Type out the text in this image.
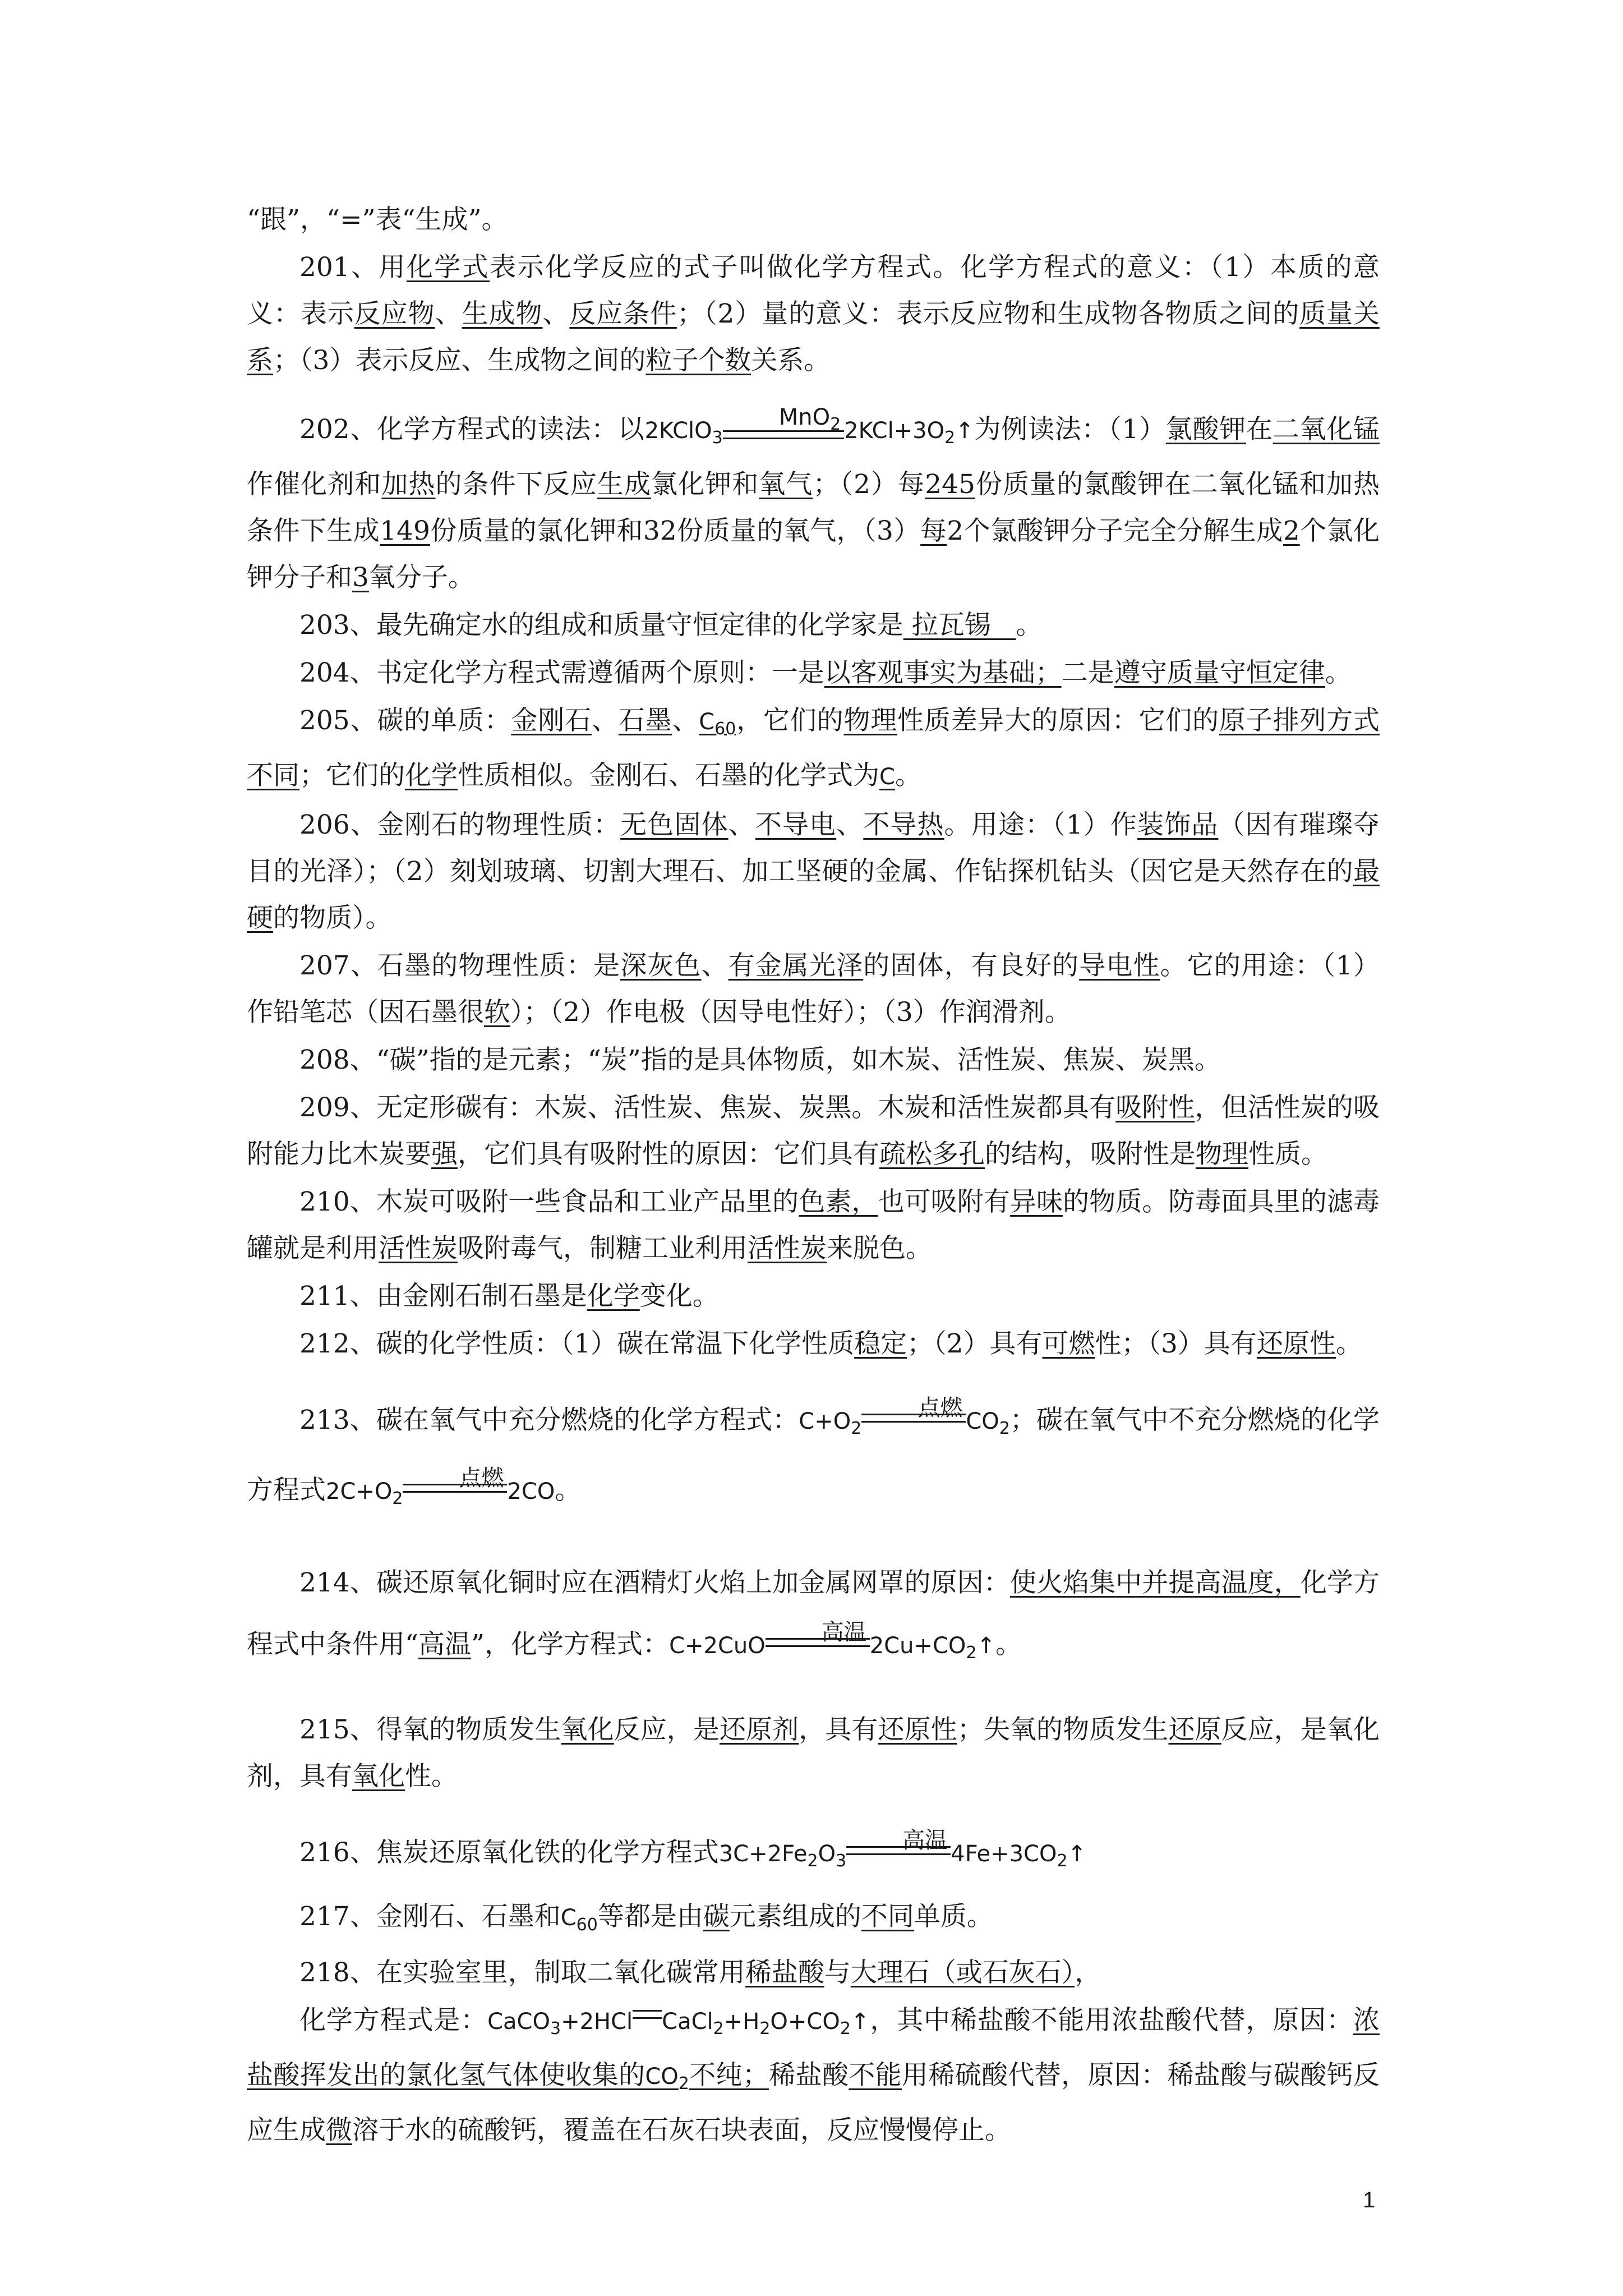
“跟”，“=”表“生成”。

201、用化学式表示化学反应的式子叫做化学方程式。化学方程式的意义：（1）本质的意义：表示反应物、生成物、反应条件；（2）量的意义：表示反应物和生成物各物质之间的质量关系；（3）表示反应、生成物之间的粒子个数关系。

202、化学方程式的读法：以2KClO$_3$
MnO$_2$ $2KCl+3O_2↑$为例读法：（1）氯酸钾在二氧化锰作催化剂和加热的条件下反应生成氯化钾和氧气；（2）每245份质量的氯酸钾在二氧化锰和加热条件下生成149份质量的氯化钾和32份质量的氧气，（3）每2个氯酸钾分子完全分解生成2个氯化钾分子和3氧分子。

203、最先确定水的组成和质量守恒定律的化学家是 拉瓦锡   。

204、书定化学方程式需遵循两个原则：一是以客观事实为基础；二是遵守质量守恒定律。

205、碳的单质：金刚石、石墨、$C_{60}$，它们的物理性质差异大的原因：它们的原子排列方式不同；它们的化学性质相似。金刚石、石墨的化学式为C。

206、金刚石的物理性质：无色固体、不导电、不导热。用途：（1）作装饰品（因有璀璨夺目的光泽）；（2）刻划玻璃、切割大理石、加工坚硬的金属、作钻探机钻头（因它是天然存在的最硬的物质）。

207、石墨的物理性质：是深灰色、有金属光泽的固体，有良好的导电性。它的用途：（1）作铅笔芯（因石墨很软）；（2）作电极（因导电性好）；（3）作润滑剂。

208、“碳”指的是元素；“炭”指的是具体物质，如木炭、活性炭、焦炭、炭黑。

209、无定形碳有：木炭、活性炭、焦炭、炭黑。木炭和活性炭都具有吸附性，但活性炭的吸附能力比木炭要强，它们具有吸附性的原因：它们具有疏松多孔的结构，吸附性是物理性质。

210、木炭可吸附一些食品和工业产品里的色素，也可吸附有异味的物质。防毒面具里的滤毒罐就是利用活性炭吸附毒气，制糖工业利用活性炭来脱色。

211、由金刚石制石墨是化学变化。

212、碳的化学性质：（1）碳在常温下化学性质稳定；（2）具有可燃性；（3）具有还原性。

213、碳在氧气中充分燃烧的化学方程式：$C+O_2$
点燃
$CO_2$；碳在氧气中不充分燃烧的化学方程式$2C+O_2$
点燃
2CO。

214、碳还原氧化铜时应在酒精灯火焰上加金属网罩的原因：使火焰集中并提高温度，化学方程式中条件用“高温”，化学方程式：C+2CuO
高温
$2Cu+CO_2↑$。

215、得氧的物质发生氧化反应，是还原剂，具有还原性；失氧的物质发生还原反应，是氧化剂，具有氧化性。

216、焦炭还原氧化铁的化学方程式$3C+2Fe_2O_3$
高温
$4Fe+3CO_2↑$

217、金刚石、石墨和$C_{60}$等都是由碳元素组成的不同单质。

218、在实验室里，制取二氧化碳常用稀盐酸与大理石（或石灰石），

化学方程式是：CaCO$_3$+2HCl $CaCl_2+H_2O+CO_2↑$，其中稀盐酸不能用浓盐酸代替，原因：浓盐酸挥发出的氯化氢气体使收集的$CO_2$不纯；稀盐酸不能用稀硫酸代替，原因：稀盐酸与碳酸钙反应生成微溶于水的硫酸钙，覆盖在石灰石块表面，反应慢慢停止。

1
